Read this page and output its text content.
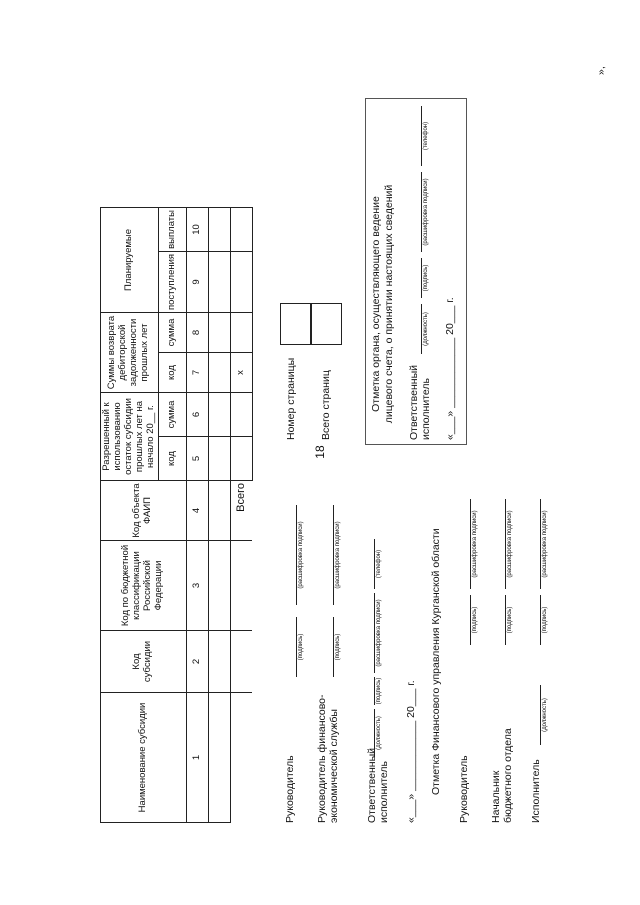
18
Наименование субсидии	Код субсидии	Код по бюджетной классификации Российской Федерации	Код объекта ФАИП	Разрешенный к использованию остаток субсидии прошлых лет на начало 20__ г.		Суммы возврата дебиторской задолженности прошлых лет		Планируемые	
				код	сумма	код	сумма	поступления	выплаты
1	2	3	4	5	6	7	8	9	10

			Всего			x			
Руководитель
(подпись)
(расшифровка подписи)
Руководитель финансово-экономической службы
(подпись)
(расшифровка подписи)
Ответственный исполнитель
(должность)
(подпись)
(расшифровка подписи)
(телефон)
«___» ____________ 20___ г. Отметка Финансового управления Курганской области Руководитель
(подпись)
(расшифровка подписи)
Начальник бюджетного отдела
(подпись)
(расшифровка подписи)
Исполнитель
(должность)
(подпись)
(расшифровка подписи)
Номер страницы Всего страниц	Отметка органа, осуществляющего ведение лицевого счета, о принятии настоящих сведений Ответственный исполнитель
(должность)
(подпись)
(расшифровка подписи)
(телефон)
«___» ____________ 20___ г.
»,
